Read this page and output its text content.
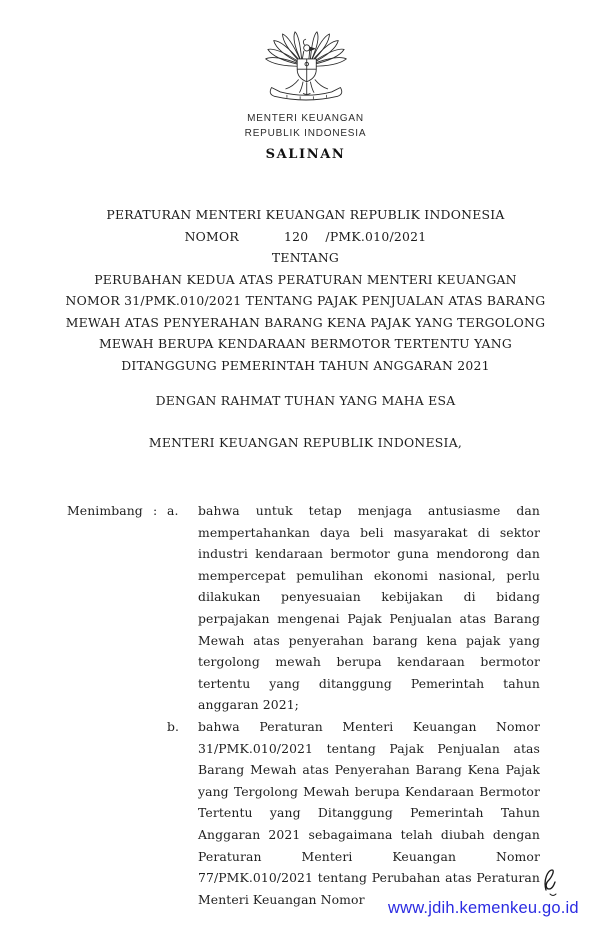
MENTERI KEUANGAN
REPUBLIK INDONESIA
SALINAN
PERATURAN MENTERI KEUANGAN REPUBLIK INDONESIA
NOMOR	120 /PMK.010/2021
TENTANG
PERUBAHAN KEDUA ATAS PERATURAN MENTERI KEUANGAN
NOMOR 31/PMK.010/2021 TENTANG PAJAK PENJUALAN ATAS BARANG
MEWAH ATAS PENYERAHAN BARANG KENA PAJAK YANG TERGOLONG
MEWAH BERUPA KENDARAAN BERMOTOR TERTENTU YANG
DITANGGUNG PEMERINTAH TAHUN ANGGARAN 2021
DENGAN RAHMAT TUHAN YANG MAHA ESA
MENTERI KEUANGAN REPUBLIK INDONESIA,
Menimbang : a.	bahwa untuk tetap menjaga antusiasme dan mempertahankan daya beli masyarakat di sektor industri kendaraan bermotor guna mendorong dan mempercepat pemulihan ekonomi nasional, perlu dilakukan penyesuaian kebijakan di bidang perpajakan mengenai Pajak Penjualan atas Barang Mewah atas penyerahan barang kena pajak yang tergolong mewah berupa kendaraan bermotor tertentu yang ditanggung Pemerintah tahun anggaran 2021;

b.	bahwa Peraturan Menteri Keuangan Nomor 31/PMK.010/2021 tentang Pajak Penjualan atas Barang Mewah atas Penyerahan Barang Kena Pajak yang Tergolong Mewah berupa Kendaraan Bermotor Tertentu yang Ditanggung Pemerintah Tahun Anggaran 2021 sebagaimana telah diubah dengan Peraturan Menteri Keuangan Nomor 77/PMK.010/2021 tentang Perubahan atas Peraturan Menteri Keuangan Nomor	www.jdih.kemenkeu.go.id
